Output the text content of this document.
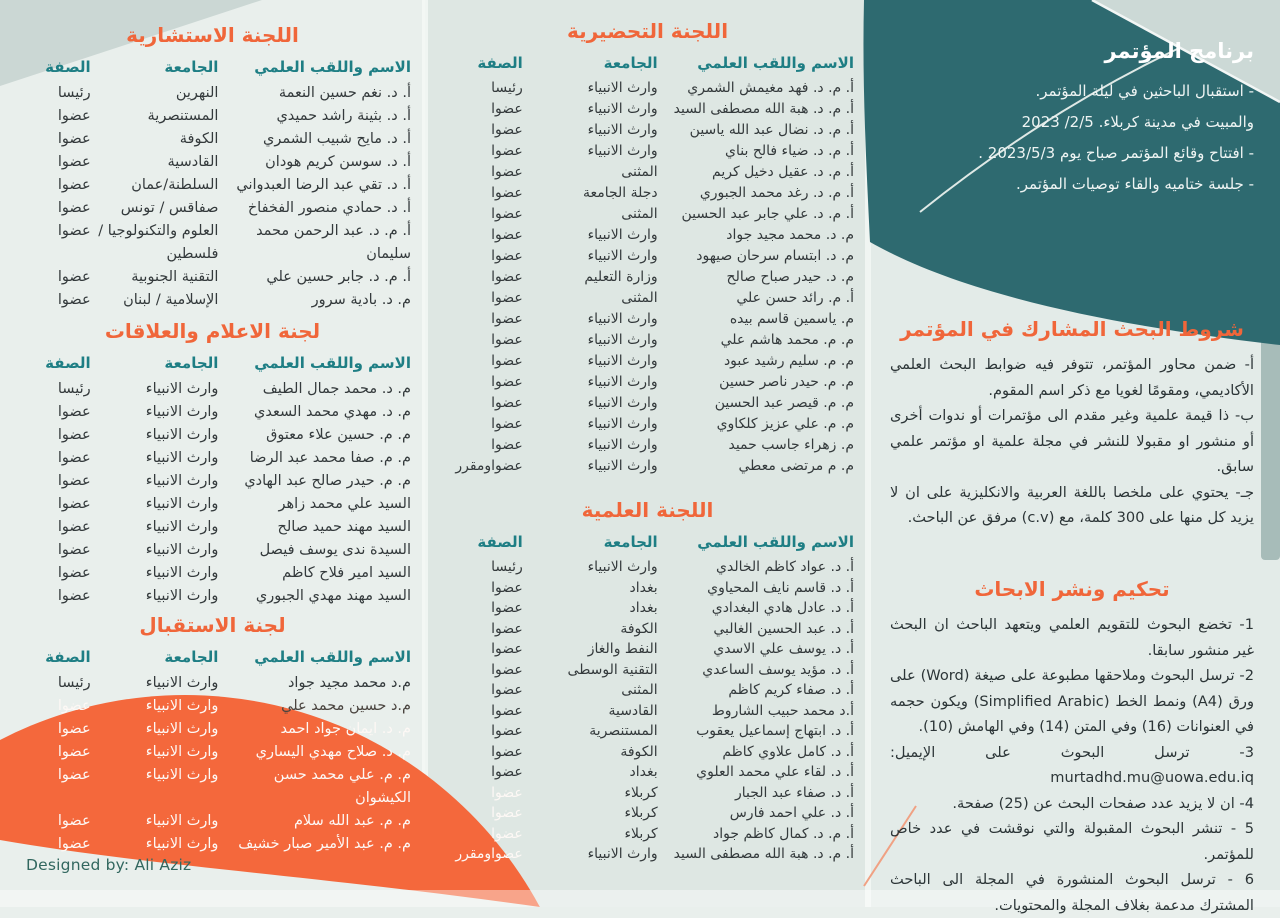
برنامج المؤتمر
- استقبال الباحثين في ليلة المؤتمر.
والمبيت في مدينة كربلاء. 2/5/ 2023
- افتتاح وقائع المؤتمر صباح يوم 2023/5/3 .
- جلسة ختاميه والقاء توصيات المؤتمر.
شروط البحث المشارك في المؤتمر
أ- ضمن محاور المؤتمر، تتوفر فيه ضوابط البحث العلمي الأكاديمي، ومقومًا لغويا مع ذكر اسم المقوم.
ب- ذا قيمة علمية وغير مقدم الى مؤتمرات أو ندوات أخرى أو منشور او مقبولا للنشر في مجلة علمية او مؤتمر علمي سابق.
جـ- يحتوي على ملخصا باللغة العربية والانكليزية على ان لا يزيد كل منها على 300 كلمة، مع (c.v) مرفق عن الباحث.
تحكيم ونشر الابحاث
1- تخضع البحوث للتقويم العلمي ويتعهد الباحث ان البحث غير منشور سابقا.
2- ترسل البحوث وملاحقها مطبوعة على صيغة (Word) على ورق (A4) ونمط الخط (Simplified Arabic) ويكون حجمه في العنوانات (16) وفي المتن (14) وفي الهامش (10).
3- ترسل البحوث على الإيميل: murtadhd.mu@uowa.edu.iq
4- ان لا يزيد عدد صفحات البحث عن (25) صفحة.
5 - تنشر البحوث المقبولة والتي نوقشت في عدد خاص للمؤتمر.
6 - ترسل البحوث المنشورة في المجلة الى الباحث المشترك مدعمة بغلاف المجلة والمحتويات.
اللجنة التحضيرية
الاسم واللقب العلمي
الجامعة
الصفة
أ. م. د. فهد مغيمش الشمري
وارث الانبياء
رئيسا
أ. م. د. هبة الله مصطفى السيد
وارث الانبياء
عضوا
أ. م. د. نضال عبد الله ياسين
وارث الانبياء
عضوا
أ. م. د. ضياء فالح بناي
وارث الانبياء
عضوا
أ. م. د. عقيل دخيل كريم
المثنى
عضوا
أ. م. د. رغد محمد الجبوري
دجلة الجامعة
عضوا
أ. م. د. علي جابر عبد الحسين
المثنى
عضوا
م. د. محمد مجيد جواد
وارث الانبياء
عضوا
م. د. ابتسام سرحان صيهود
وارث الانبياء
عضوا
م. د. حيدر صباح صالح
وزارة التعليم
عضوا
أ. م. رائد حسن علي
المثنى
عضوا
م. ياسمين قاسم بيده
وارث الانبياء
عضوا
م. م. محمد هاشم علي
وارث الانبياء
عضوا
م. م. سليم رشيد عبود
وارث الانبياء
عضوا
م. م. حيدر ناصر حسين
وارث الانبياء
عضوا
م. م. قيصر عبد الحسين
وارث الانبياء
عضوا
م. م. علي عزيز كلكاوي
وارث الانبياء
عضوا
م. زهراء جاسب حميد
وارث الانبياء
عضوا
م. م مرتضى معطي
وارث الانبياء
عضواومقرر
اللجنة العلمية
الاسم واللقب العلمي
الجامعة
الصفة
أ. د. عواد كاظم الخالدي
وارث الانبياء
رئيسا
أ. د. قاسم نايف المحياوي
بغداد
عضوا
أ. د. عادل هادي البغدادي
بغداد
عضوا
أ. د. عبد الحسين الغالبي
الكوفة
عضوا
أ. د. يوسف علي الاسدي
النفط والغاز
عضوا
أ. د. مؤيد يوسف الساعدي
التقنية الوسطى
عضوا
أ. د. صفاء كريم كاظم
المثنى
عضوا
أ.د محمد حبيب الشاروط
القادسية
عضوا
أ. د. ابتهاج إسماعيل يعقوب
المستنصرية
عضوا
أ. د. كامل علاوي كاظم
الكوفة
عضوا
أ. د. لقاء علي محمد العلوي
بغداد
عضوا
أ. د. صفاء عبد الجبار
كربلاء
عضوا
أ. د. علي احمد فارس
كربلاء
عضوا
أ. م. د. كمال كاظم جواد
كربلاء
عضوا
أ. م. د. هبة الله مصطفى السيد
وارث الانبياء
عضواومقرر
اللجنة الاستشارية
الاسم واللقب العلمي
الجامعة
الصفة
أ. د. نغم حسين النعمة
النهرين
رئيسا
أ. د. بثينة راشد حميدي
المستنصرية
عضوا
أ. د. مايح شبيب الشمري
الكوفة
عضوا
أ. د. سوسن كريم هودان
القادسية
عضوا
أ. د. تقي عبد الرضا العبدواني
السلطنة/عمان
عضوا
أ. د. حمادي منصور الفخفاخ
صفاقس / تونس
عضوا
أ. م. د. عبد الرحمن محمد سليمان
العلوم والتكنولوجيا / فلسطين
عضوا
أ. م. د. جابر حسين علي
التقنية الجنوبية
عضوا
م. د. بادية سرور
الإسلامية / لبنان
عضوا
لجنة الاعلام والعلاقات
الاسم واللقب العلمي
الجامعة
الصفة
م. د. محمد جمال الطيف
وارث الانبياء
رئيسا
م. د. مهدي محمد السعدي
وارث الانبياء
عضوا
م. م. حسين علاء معتوق
وارث الانبياء
عضوا
م. م. صفا محمد عبد الرضا
وارث الانبياء
عضوا
م. م. حيدر صالح عبد الهادي
وارث الانبياء
عضوا
السيد علي محمد زاهر
وارث الانبياء
عضوا
السيد مهند حميد صالح
وارث الانبياء
عضوا
السيدة ندى يوسف فيصل
وارث الانبياء
عضوا
السيد امير فلاح كاظم
وارث الانبياء
عضوا
السيد مهند مهدي الجبوري
وارث الانبياء
عضوا
لجنة الاستقبال
الاسم واللقب العلمي
الجامعة
الصفة
م.د محمد مجيد جواد
وارث الانبياء
رئيسا
م.د حسين محمد علي
وارث الانبياء
عضوا
م. د. ايمان جواد احمد
وارث الانبياء
عضوا
م. د. صلاح مهدي اليساري
وارث الانبياء
عضوا
م. م. علي محمد حسن الكيشوان
وارث الانبياء
عضوا
م. م. عبد الله سلام
وارث الانبياء
عضوا
م. م. عبد الأمير صبار خشيف
وارث الانبياء
عضوا
Designed by: Ali Aziz
